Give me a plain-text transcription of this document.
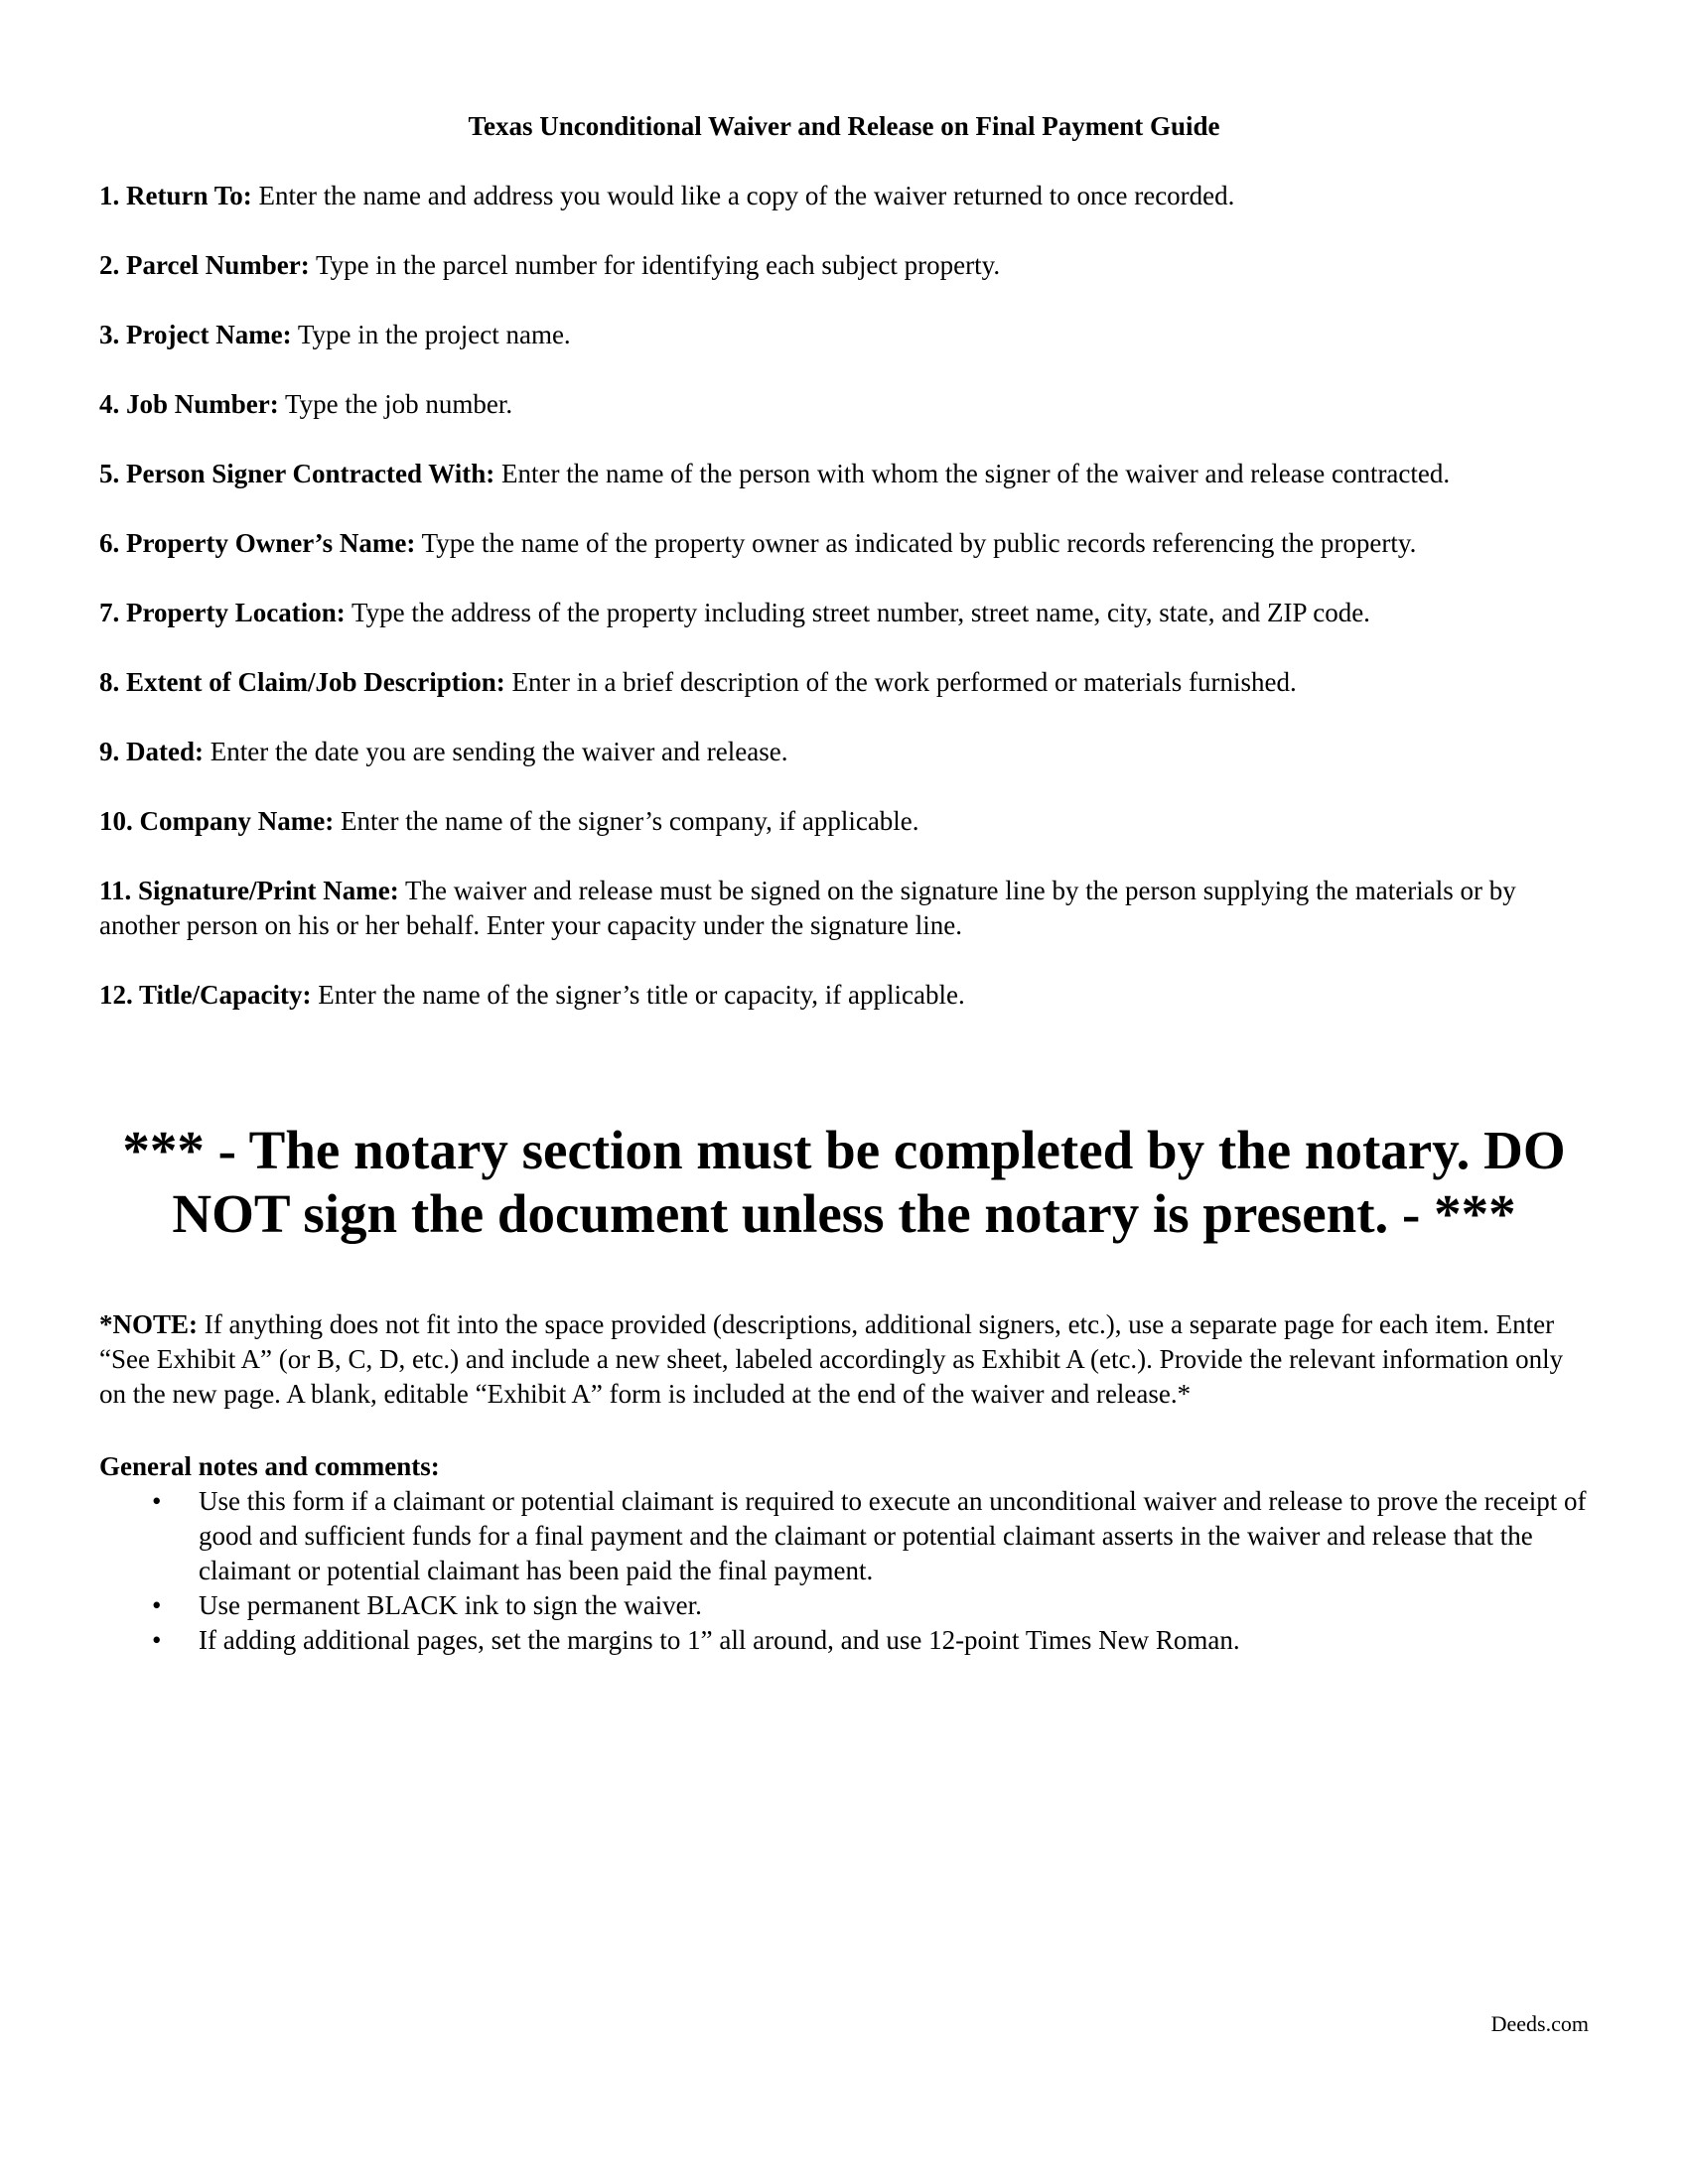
Texas Unconditional Waiver and Release on Final Payment Guide

1. Return To: Enter the name and address you would like a copy of the waiver returned to once recorded.

2. Parcel Number: Type in the parcel number for identifying each subject property.

3. Project Name: Type in the project name.

4. Job Number: Type the job number.

5. Person Signer Contracted With: Enter the name of the person with whom the signer of the waiver and release contracted.

6. Property Owner’s Name: Type the name of the property owner as indicated by public records referencing the property.

7. Property Location: Type the address of the property including street number, street name, city, state, and ZIP code.

8. Extent of Claim/Job Description: Enter in a brief description of the work performed or materials furnished.

9. Dated: Enter the date you are sending the waiver and release.

10. Company Name: Enter the name of the signer’s company, if applicable.

11. Signature/Print Name: The waiver and release must be signed on the signature line by the person supplying the materials or by another person on his or her behalf. Enter your capacity under the signature line.

12. Title/Capacity: Enter the name of the signer’s title or capacity, if applicable.

*** - The notary section must be completed by the notary. DO NOT sign the document unless the notary is present. - ***

*NOTE: If anything does not fit into the space provided (descriptions, additional signers, etc.), use a separate page for each item. Enter “See Exhibit A” (or B, C, D, etc.) and include a new sheet, labeled accordingly as Exhibit A (etc.). Provide the relevant information only on the new page. A blank, editable “Exhibit A” form is included at the end of the waiver and release.*

General notes and comments:
• Use this form if a claimant or potential claimant is required to execute an unconditional waiver and release to prove the receipt of good and sufficient funds for a final payment and the claimant or potential claimant asserts in the waiver and release that the claimant or potential claimant has been paid the final payment.
• Use permanent BLACK ink to sign the waiver.
• If adding additional pages, set the margins to 1” all around, and use 12-point Times New Roman.
Deeds.com
